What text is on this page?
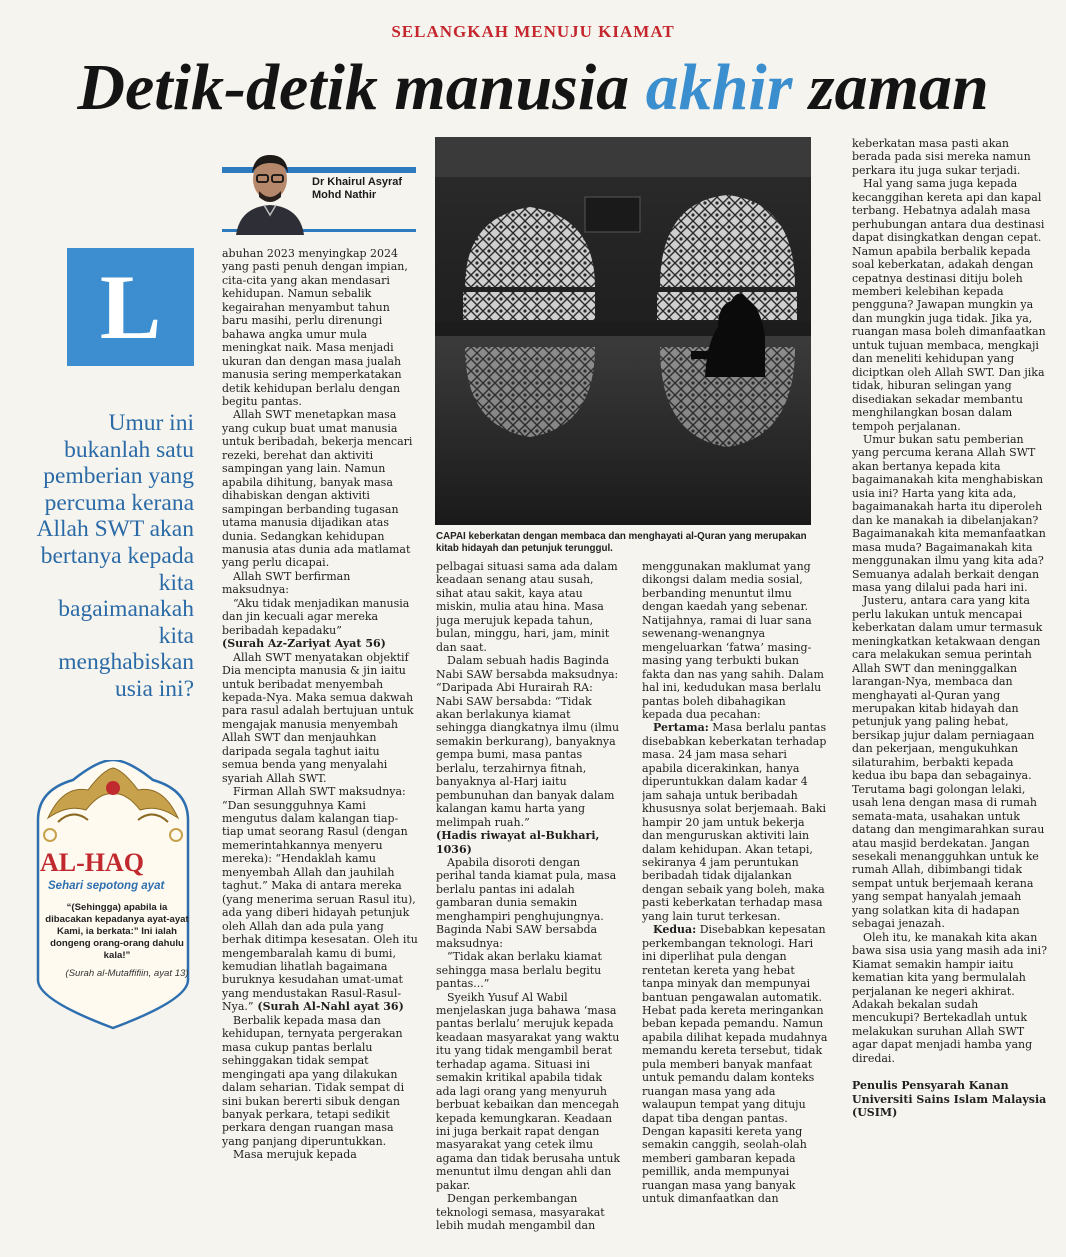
SELANGKAH MENUJU KIAMAT
Detik-detik manusia akhir zaman
Dr Khairul Asyraf
Mohd Nathir
L
Umur ini bukanlah satu pemberian yang percuma kerana Allah SWT akan bertanya kepada kita bagaimanakah kita menghabiskan usia ini?
CAPAI keberkatan dengan membaca dan menghayati al-Quran yang merupakan kitab hidayah dan petunjuk terunggul.
AL-HAQ
Sehari sepotong ayat
“(Sehingga) apabila ia dibacakan kepadanya ayat-ayat Kami, ia berkata:” Ini ialah dongeng orang-orang dahulu kala!”
(Surah al-Mutaffifiin, ayat 13)

abuhan 2023 menyingkap 2024 yang pasti penuh dengan impian, cita-cita yang akan mendasari kehidupan. Namun sebalik kegairahan menyambut tahun baru masihi, perlu direnungi bahawa angka umur mula meningkat naik. Masa menjadi ukuran dan dengan masa jualah manusia sering memperkatakan detik kehidupan berlalu dengan begitu pantas.

Allah SWT menetapkan masa yang cukup buat umat manusia untuk beribadah, bekerja mencari rezeki, berehat dan aktiviti sampingan yang lain. Namun apabila dihitung, banyak masa dihabiskan dengan aktiviti sampingan berbanding tugasan utama manusia dijadikan atas dunia. Sedangkan kehidupan manusia atas dunia ada matlamat yang perlu dicapai.

Allah SWT berfirman maksudnya:

“Aku tidak menjadikan manusia dan jin kecuali agar mereka beribadah kepadaku”

(Surah Az-Zariyat Ayat 56)

Allah SWT menyatakan objektif Dia mencipta manusia & jin iaitu untuk beribadat menyembah kepada-Nya. Maka semua dakwah para rasul adalah bertujuan untuk mengajak manusia menyembah Allah SWT dan menjauhkan daripada segala taghut iaitu semua benda yang menyalahi syariah Allah SWT.

Firman Allah SWT maksudnya: “Dan sesungguhnya Kami mengutus dalam kalangan tiap-tiap umat seorang Rasul (dengan memerintahkannya menyeru mereka): “Hendaklah kamu menyembah Allah dan jauhilah taghut.” Maka di antara mereka (yang menerima seruan Rasul itu), ada yang diberi hidayah petunjuk oleh Allah dan ada pula yang berhak ditimpa kesesatan. Oleh itu mengembaralah kamu di bumi, kemudian lihatlah bagaimana buruknya kesudahan umat-umat yang mendustakan Rasul-Rasul-Nya.” (Surah Al-Nahl ayat 36)

Berbalik kepada masa dan kehidupan, ternyata pergerakan masa cukup pantas berlalu sehinggakan tidak sempat mengingati apa yang dilakukan dalam seharian. Tidak sempat di sini bukan bererti sibuk dengan banyak perkara, tetapi sedikit perkara dengan ruangan masa yang panjang diperuntukkan.

Masa merujuk kepada

pelbagai situasi sama ada dalam keadaan senang atau susah, sihat atau sakit, kaya atau miskin, mulia atau hina. Masa juga merujuk kepada tahun, bulan, minggu, hari, jam, minit dan saat.

Dalam sebuah hadis Baginda Nabi SAW bersabda maksudnya: “Daripada Abi Hurairah RA: Nabi SAW bersabda: “Tidak akan berlakunya kiamat sehingga diangkatnya ilmu (ilmu semakin berkurang), banyaknya gempa bumi, masa pantas berlalu, terzahirnya fitnah, banyaknya al-Harj iaitu pembunuhan dan banyak dalam kalangan kamu harta yang melimpah ruah.”

(Hadis riwayat al-Bukhari, 1036)

Apabila disoroti dengan perihal tanda kiamat pula, masa berlalu pantas ini adalah gambaran dunia semakin menghampiri penghujungnya. Baginda Nabi SAW bersabda maksudnya:

“Tidak akan berlaku kiamat sehingga masa berlalu begitu pantas...”

Syeikh Yusuf Al Wabil menjelaskan juga bahawa ‘masa pantas berlalu’ merujuk kepada keadaan masyarakat yang waktu itu yang tidak mengambil berat terhadap agama. Situasi ini semakin kritikal apabila tidak ada lagi orang yang menyuruh berbuat kebaikan dan mencegah kepada kemungkaran. Keadaan ini juga berkait rapat dengan masyarakat yang cetek ilmu agama dan tidak berusaha untuk menuntut ilmu dengan ahli dan pakar.

Dengan perkembangan teknologi semasa, masyarakat lebih mudah mengambil dan

menggunakan maklumat yang dikongsi dalam media sosial, berbanding menuntut ilmu dengan kaedah yang sebenar. Natijahnya, ramai di luar sana sewenang-wenangnya mengeluarkan ‘fatwa’ masing-masing yang terbukti bukan fakta dan nas yang sahih. Dalam hal ini, kedudukan masa berlalu pantas boleh dibahagikan kepada dua pecahan:

Pertama: Masa berlalu pantas disebabkan keberkatan terhadap masa. 24 jam masa sehari apabila dicerakinkan, hanya diperuntukkan dalam kadar 4 jam sahaja untuk beribadah khususnya solat berjemaah. Baki hampir 20 jam untuk bekerja dan menguruskan aktiviti lain dalam kehidupan. Akan tetapi, sekiranya 4 jam peruntukan beribadah tidak dijalankan dengan sebaik yang boleh, maka pasti keberkatan terhadap masa yang lain turut terkesan.

Kedua: Disebabkan kepesatan perkembangan teknologi. Hari ini diperlihat pula dengan rentetan kereta yang hebat tanpa minyak dan mempunyai bantuan pengawalan automatik. Hebat pada kereta meringankan beban kepada pemandu. Namun apabila dilihat kepada mudahnya memandu kereta tersebut, tidak pula memberi banyak manfaat untuk pemandu dalam konteks ruangan masa yang ada walaupun tempat yang dituju dapat tiba dengan pantas. Dengan kapasiti kereta yang semakin canggih, seolah-olah memberi gambaran kepada pemillik, anda mempunyai ruangan masa yang banyak untuk dimanfaatkan dan

keberkatan masa pasti akan berada pada sisi mereka namun perkara itu juga sukar terjadi.

Hal yang sama juga kepada kecanggihan kereta api dan kapal terbang. Hebatnya adalah masa perhubungan antara dua destinasi dapat disingkatkan dengan cepat. Namun apabila berbalik kepada soal keberkatan, adakah dengan cepatnya destinasi ditiju boleh memberi kelebihan kepada pengguna? Jawapan mungkin ya dan mungkin juga tidak. Jika ya, ruangan masa boleh dimanfaatkan untuk tujuan membaca, mengkaji dan meneliti kehidupan yang diciptkan oleh Allah SWT. Dan jika tidak, hiburan selingan yang disediakan sekadar membantu menghilangkan bosan dalam tempoh perjalanan.

Umur bukan satu pemberian yang percuma kerana Allah SWT akan bertanya kepada kita bagaimanakah kita menghabiskan usia ini? Harta yang kita ada, bagaimanakah harta itu diperoleh dan ke manakah ia dibelanjakan? Bagaimanakah kita memanfaatkan masa muda? Bagaimanakah kita menggunakan ilmu yang kita ada? Semuanya adalah berkait dengan masa yang dilalui pada hari ini.

Justeru, antara cara yang kita perlu lakukan untuk mencapai keberkatan dalam umur termasuk meningkatkan ketakwaan dengan cara melakukan semua perintah Allah SWT dan meninggalkan larangan-Nya, membaca dan menghayati al-Quran yang merupakan kitab hidayah dan petunjuk yang paling hebat, bersikap jujur dalam perniagaan dan pekerjaan, mengukuhkan silaturahim, berbakti kepada kedua ibu bapa dan sebagainya. Terutama bagi golongan lelaki, usah lena dengan masa di rumah semata-mata, usahakan untuk datang dan mengimarahkan surau atau masjid berdekatan. Jangan sesekali menangguhkan untuk ke rumah Allah, dibimbangi tidak sempat untuk berjemaah kerana yang sempat hanyalah jemaah yang solatkan kita di hadapan sebagai jenazah.

Oleh itu, ke manakah kita akan bawa sisa usia yang masih ada ini? Kiamat semakin hampir iaitu kematian kita yang bermulalah perjalanan ke negeri akhirat. Adakah bekalan sudah mencukupi? Bertekadlah untuk melakukan suruhan Allah SWT agar dapat menjadi hamba yang diredai.

Penulis Pensyarah Kanan Universiti Sains Islam Malaysia (USIM)
